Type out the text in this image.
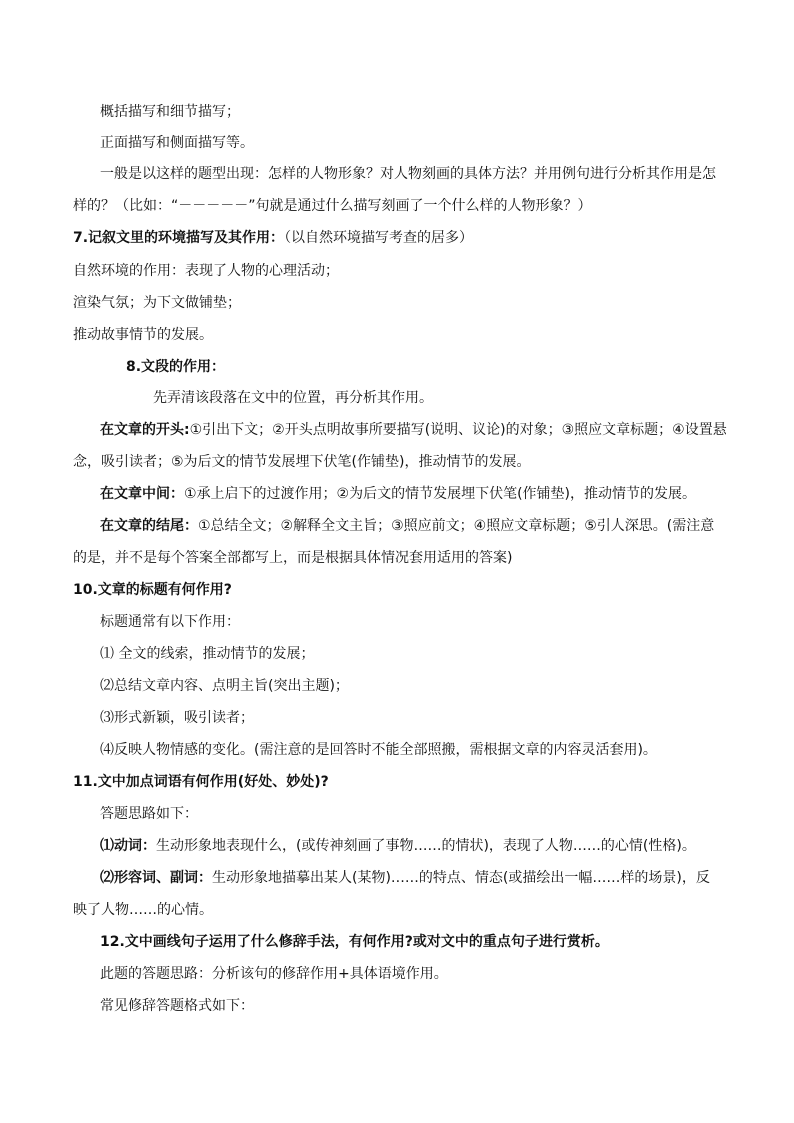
概括描写和细节描写；
正面描写和侧面描写等。
一般是以这样的题型出现：怎样的人物形象？对人物刻画的具体方法？并用例句进行分析其作用是怎
样的？（比如：“－－－－－”句就是通过什么描写刻画了一个什么样的人物形象？）
7.记叙文里的环境描写及其作用：（以自然环境描写考查的居多）
自然环境的作用：表现了人物的心理活动；
渲染气氛；为下文做铺垫；
推动故事情节的发展。
8.文段的作用：
先弄清该段落在文中的位置，再分析其作用。
在文章的开头:①引出下文；②开头点明故事所要描写(说明、议论)的对象；③照应文章标题；④设置悬
念，吸引读者；⑤为后文的情节发展埋下伏笔(作铺垫)，推动情节的发展。
在文章中间：①承上启下的过渡作用；②为后文的情节发展埋下伏笔(作铺垫)，推动情节的发展。
在文章的结尾：①总结全文；②解释全文主旨；③照应前文；④照应文章标题；⑤引人深思。(需注意
的是，并不是每个答案全部都写上，而是根据具体情况套用适用的答案)
10.文章的标题有何作用?
标题通常有以下作用：
⑴ 全文的线索，推动情节的发展；
⑵总结文章内容、点明主旨(突出主题)；
⑶形式新颖，吸引读者；
⑷反映人物情感的变化。(需注意的是回答时不能全部照搬，需根据文章的内容灵活套用)。
11.文中加点词语有何作用(好处、妙处)?
答题思路如下：
⑴动词：生动形象地表现什么，(或传神刻画了事物……的情状)，表现了人物……的心情(性格)。
⑵形容词、副词：生动形象地描摹出某人(某物)……的特点、情态(或描绘出一幅……样的场景)，反
映了人物……的心情。
12.文中画线句子运用了什么修辞手法，有何作用?或对文中的重点句子进行赏析。
此题的答题思路：分析该句的修辞作用+具体语境作用。
常见修辞答题格式如下：
